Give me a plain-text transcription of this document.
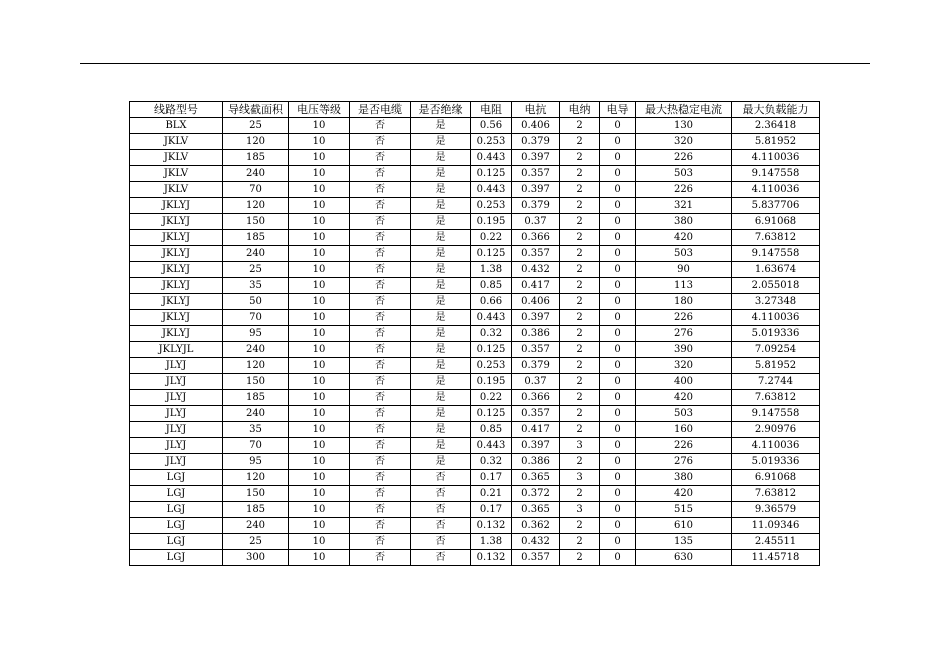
线路型号	导线截面积	电压等级	是否电缆	是否绝缘	电阻	电抗	电纳	电导	最大热稳定电流	最大负载能力
BLX	25	10	否	是	0.56	0.406	2	0	130	2.36418
JKLV	120	10	否	是	0.253	0.379	2	0	320	5.81952
JKLV	185	10	否	是	0.443	0.397	2	0	226	4.110036
JKLV	240	10	否	是	0.125	0.357	2	0	503	9.147558
JKLV	70	10	否	是	0.443	0.397	2	0	226	4.110036
JKLYJ	120	10	否	是	0.253	0.379	2	0	321	5.837706
JKLYJ	150	10	否	是	0.195	0.37	2	0	380	6.91068
JKLYJ	185	10	否	是	0.22	0.366	2	0	420	7.63812
JKLYJ	240	10	否	是	0.125	0.357	2	0	503	9.147558
JKLYJ	25	10	否	是	1.38	0.432	2	0	90	1.63674
JKLYJ	35	10	否	是	0.85	0.417	2	0	113	2.055018
JKLYJ	50	10	否	是	0.66	0.406	2	0	180	3.27348
JKLYJ	70	10	否	是	0.443	0.397	2	0	226	4.110036
JKLYJ	95	10	否	是	0.32	0.386	2	0	276	5.019336
JKLYJL	240	10	否	是	0.125	0.357	2	0	390	7.09254
JLYJ	120	10	否	是	0.253	0.379	2	0	320	5.81952
JLYJ	150	10	否	是	0.195	0.37	2	0	400	7.2744
JLYJ	185	10	否	是	0.22	0.366	2	0	420	7.63812
JLYJ	240	10	否	是	0.125	0.357	2	0	503	9.147558
JLYJ	35	10	否	是	0.85	0.417	2	0	160	2.90976
JLYJ	70	10	否	是	0.443	0.397	3	0	226	4.110036
JLYJ	95	10	否	是	0.32	0.386	2	0	276	5.019336
LGJ	120	10	否	否	0.17	0.365	3	0	380	6.91068
LGJ	150	10	否	否	0.21	0.372	2	0	420	7.63812
LGJ	185	10	否	否	0.17	0.365	3	0	515	9.36579
LGJ	240	10	否	否	0.132	0.362	2	0	610	11.09346
LGJ	25	10	否	否	1.38	0.432	2	0	135	2.45511
LGJ	300	10	否	否	0.132	0.357	2	0	630	11.45718
